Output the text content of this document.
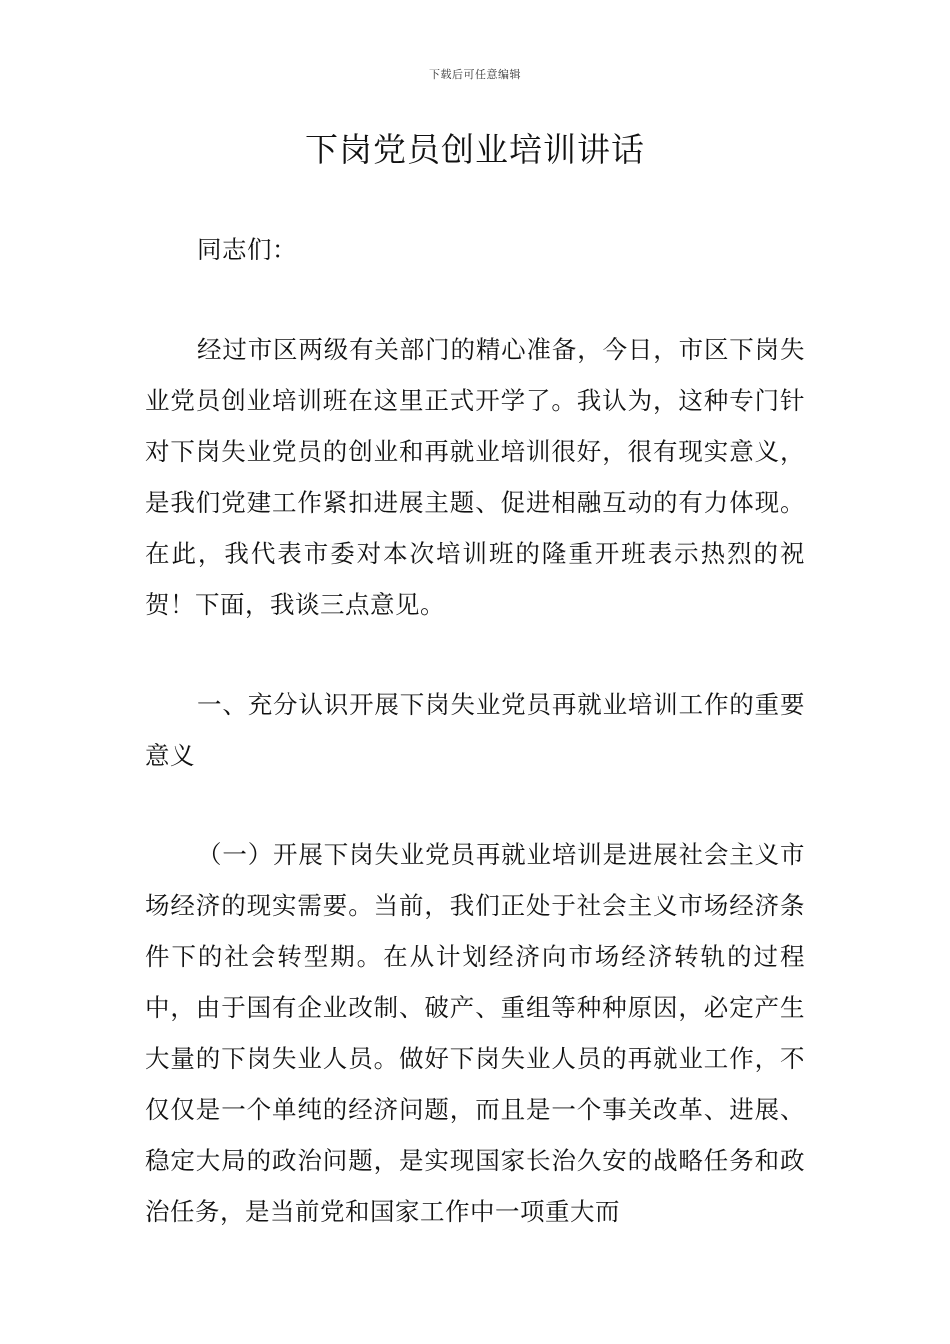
下载后可任意编辑
下岗党员创业培训讲话

同志们：

经过市区两级有关部门的精心准备，今日，市区下岗失业党员创业培训班在这里正式开学了。我认为，这种专门针对下岗失业党员的创业和再就业培训很好，很有现实意义，是我们党建工作紧扣进展主题、促进相融互动的有力体现。在此，我代表市委对本次培训班的隆重开班表示热烈的祝贺！下面，我谈三点意见。

一、充分认识开展下岗失业党员再就业培训工作的重要意义

（一）开展下岗失业党员再就业培训是进展社会主义市场经济的现实需要。当前，我们正处于社会主义市场经济条件下的社会转型期。在从计划经济向市场经济转轨的过程中，由于国有企业改制、破产、重组等种种原因，必定产生大量的下岗失业人员。做好下岗失业人员的再就业工作，不仅仅是一个单纯的经济问题，而且是一个事关改革、进展、稳定大局的政治问题，是实现国家长治久安的战略任务和政治任务，是当前党和国家工作中一项重大而
